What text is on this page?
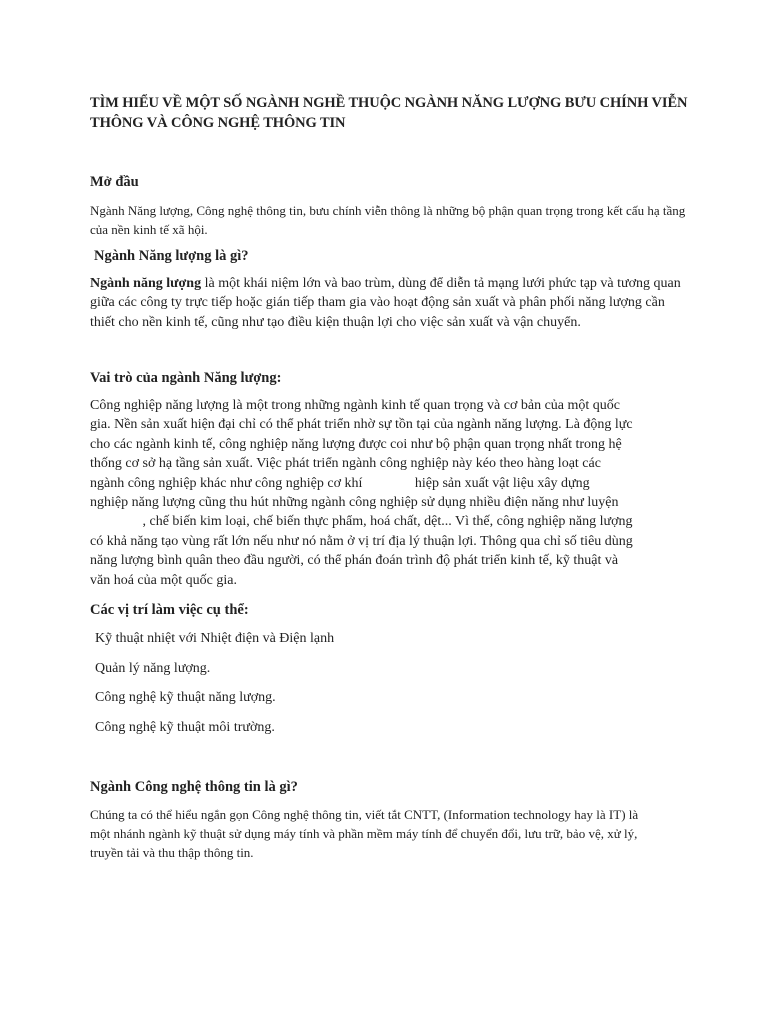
TÌM HIỂU VỀ MỘT SỐ NGÀNH NGHỀ THUỘC NGÀNH NĂNG LƯỢNG BƯU CHÍNH VIỄN THÔNG VÀ CÔNG NGHỆ THÔNG TIN
Mở đầu

Ngành Năng lượng, Công nghệ thông tin, bưu chính viễn thông là những bộ phận quan trọng trong kết cấu hạ tầng của nền kinh tế xã hội.

Ngành Năng lượng là gì?

Ngành năng lượng là một khái niệm lớn và bao trùm, dùng để diễn tả mạng lưới phức tạp và tương quan giữa các công ty trực tiếp hoặc gián tiếp tham gia vào hoạt động sản xuất và phân phối năng lượng cần thiết cho nền kinh tế, cũng như tạo điều kiện thuận lợi cho việc sản xuất và vận chuyển.

Vai trò của ngành Năng lượng:
Công nghiệp năng lượng là một trong những ngành kinh tế quan trọng và cơ bản của một quốc
gia. Nền sản xuất hiện đại chỉ có thể phát triển nhờ sự tồn tại của ngành năng lượng. Là động lực
cho các ngành kinh tế, công nghiệp năng lượng được coi như bộ phận quan trọng nhất trong hệ
thống cơ sở hạ tầng sản xuất. Việc phát triển ngành công nghiệp này kéo theo hàng loạt các
ngành công nghiệp khác như công nghiệp cơ khí               hiệp sản xuất vật liệu xây dựng
nghiệp năng lượng cũng thu hút những ngành công nghiệp sử dụng nhiều điện năng như luyện
, chế biến kim loại, chế biến thực phẩm, hoá chất, dệt... Vì thế, công nghiệp năng lượng
có khả năng tạo vùng rất lớn nếu như nó nằm ở vị trí địa lý thuận lợi. Thông qua chỉ số tiêu dùng
năng lượng bình quân theo đầu người, có thể phán đoán trình độ phát triển kinh tế, kỹ thuật và
văn hoá của một quốc gia.
Các vị trí làm việc cụ thể:

Kỹ thuật nhiệt với Nhiệt điện và Điện lạnh

Quản lý năng lượng.

Công nghệ kỹ thuật năng lượng.

Công nghệ kỹ thuật môi trường.

Ngành Công nghệ thông tin là gì?
Chúng ta có thể hiểu ngắn gọn Công nghệ thông tin, viết tắt CNTT, (Information technology hay là IT) là
một nhánh ngành kỹ thuật sử dụng máy tính và phần mềm máy tính để chuyển đổi, lưu trữ, bảo vệ, xử lý,
truyền tải và thu thập thông tin.
